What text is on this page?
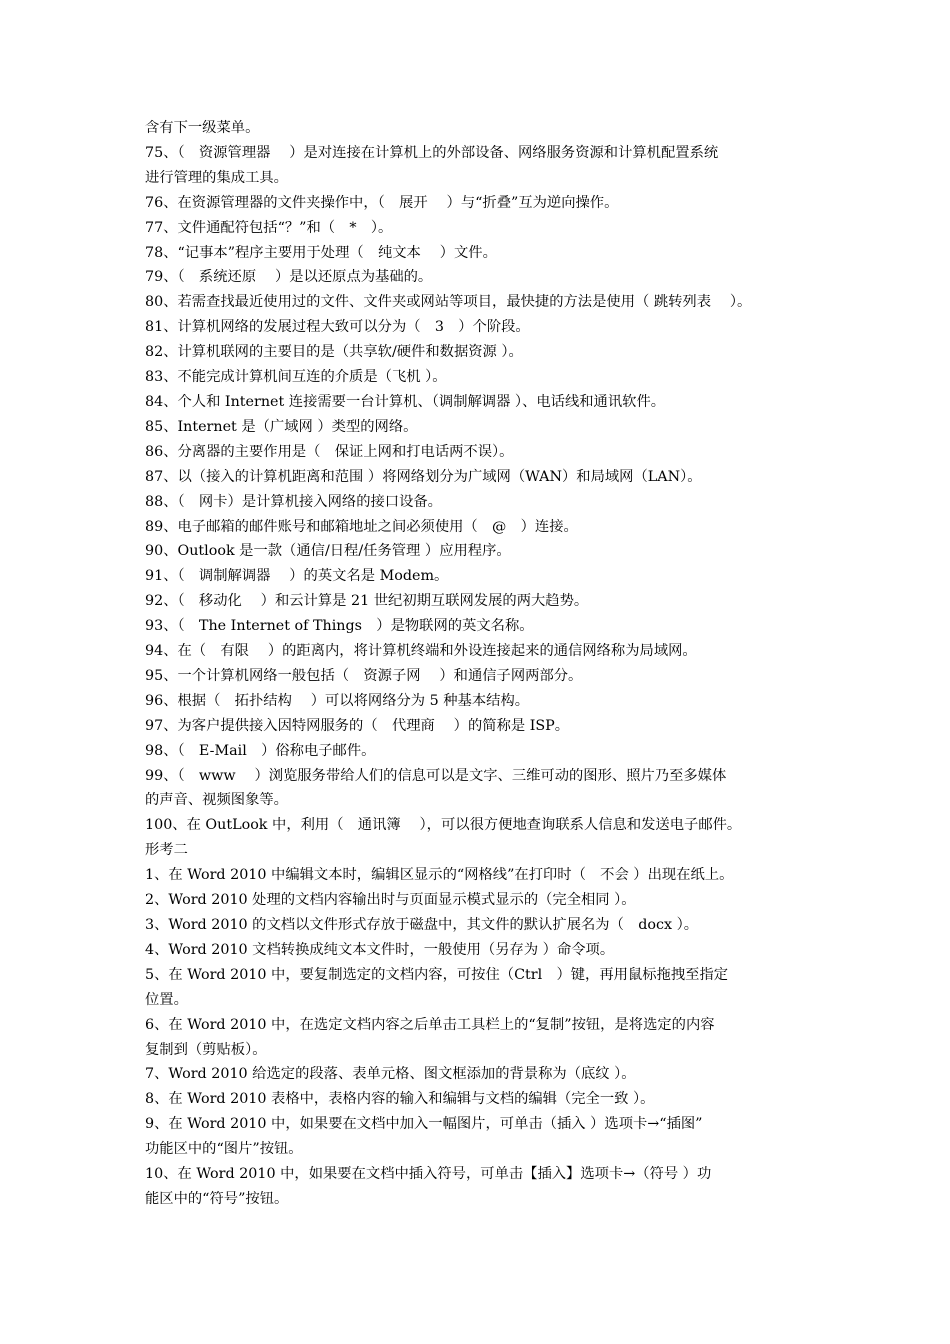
含有下一级菜单。
75、（　资源管理器　 ）是对连接在计算机上的外部设备、网络服务资源和计算机配置系统
进行管理的集成工具。
76、在资源管理器的文件夹操作中，（　展开　 ）与“折叠”互为逆向操作。
77、文件通配符包括“？”和（　*　）。
78、“记事本”程序主要用于处理（　纯文本　 ）文件。
79、（　系统还原　 ）是以还原点为基础的。
80、若需查找最近使用过的文件、文件夹或网站等项目，最快捷的方法是使用（ 跳转列表　 ）。
81、计算机网络的发展过程大致可以分为（　3　）个阶段。
82、计算机联网的主要目的是（共享软/硬件和数据资源 ）。
83、不能完成计算机间互连的介质是（飞机 ）。
84、个人和 Internet 连接需要一台计算机、（调制解调器 ）、电话线和通讯软件。
85、Internet 是（广域网 ）类型的网络。
86、分离器的主要作用是（　保证上网和打电话两不误）。
87、以（接入的计算机距离和范围 ）将网络划分为广域网（WAN）和局域网（LAN）。
88、（　网卡）是计算机接入网络的接口设备。
89、电子邮箱的邮件账号和邮箱地址之间必须使用（　@　）连接。
90、Outlook 是一款（通信/日程/任务管理 ）应用程序。
91、（　调制解调器　 ）的英文名是 Modem。
92、（　移动化　 ）和云计算是 21 世纪初期互联网发展的两大趋势。
93、（　The Internet of Things　）是物联网的英文名称。
94、在（　有限　 ）的距离内，将计算机终端和外设连接起来的通信网络称为局域网。
95、一个计算机网络一般包括（　资源子网　 ）和通信子网两部分。
96、根据（　拓扑结构　 ）可以将网络分为 5 种基本结构。
97、为客户提供接入因特网服务的（　代理商　 ）的简称是 ISP。
98、（　E-Mail　）俗称电子邮件。
99、（　www　 ）浏览服务带给人们的信息可以是文字、三维可动的图形、照片乃至多媒体
的声音、视频图象等。
100、在 OutLook 中，利用（　通讯簿　 ），可以很方便地查询联系人信息和发送电子邮件。
形考二
1、在 Word 2010 中编辑文本时，编辑区显示的“网格线”在打印时（　不会 ）出现在纸上。
2、Word 2010 处理的文档内容输出时与页面显示模式显示的（完全相同 ）。
3、Word 2010 的文档以文件形式存放于磁盘中，其文件的默认扩展名为（　docx ）。
4、Word 2010 文档转换成纯文本文件时，一般使用（另存为 ）命令项。
5、在 Word 2010 中，要复制选定的文档内容，可按住（Ctrl　）键，再用鼠标拖拽至指定
位置。
6、在 Word 2010 中，在选定文档内容之后单击工具栏上的“复制”按钮，是将选定的内容
复制到（剪贴板）。
7、Word 2010 给选定的段落、表单元格、图文框添加的背景称为（底纹 ）。
8、在 Word 2010 表格中，表格内容的输入和编辑与文档的编辑（完全一致 ）。
9、在 Word 2010 中，如果要在文档中加入一幅图片，可单击（插入 ）选项卡→“插图”
功能区中的“图片”按钮。
10、在 Word 2010 中，如果要在文档中插入符号，可单击【插入】选项卡→（符号 ）功
能区中的“符号”按钮。
